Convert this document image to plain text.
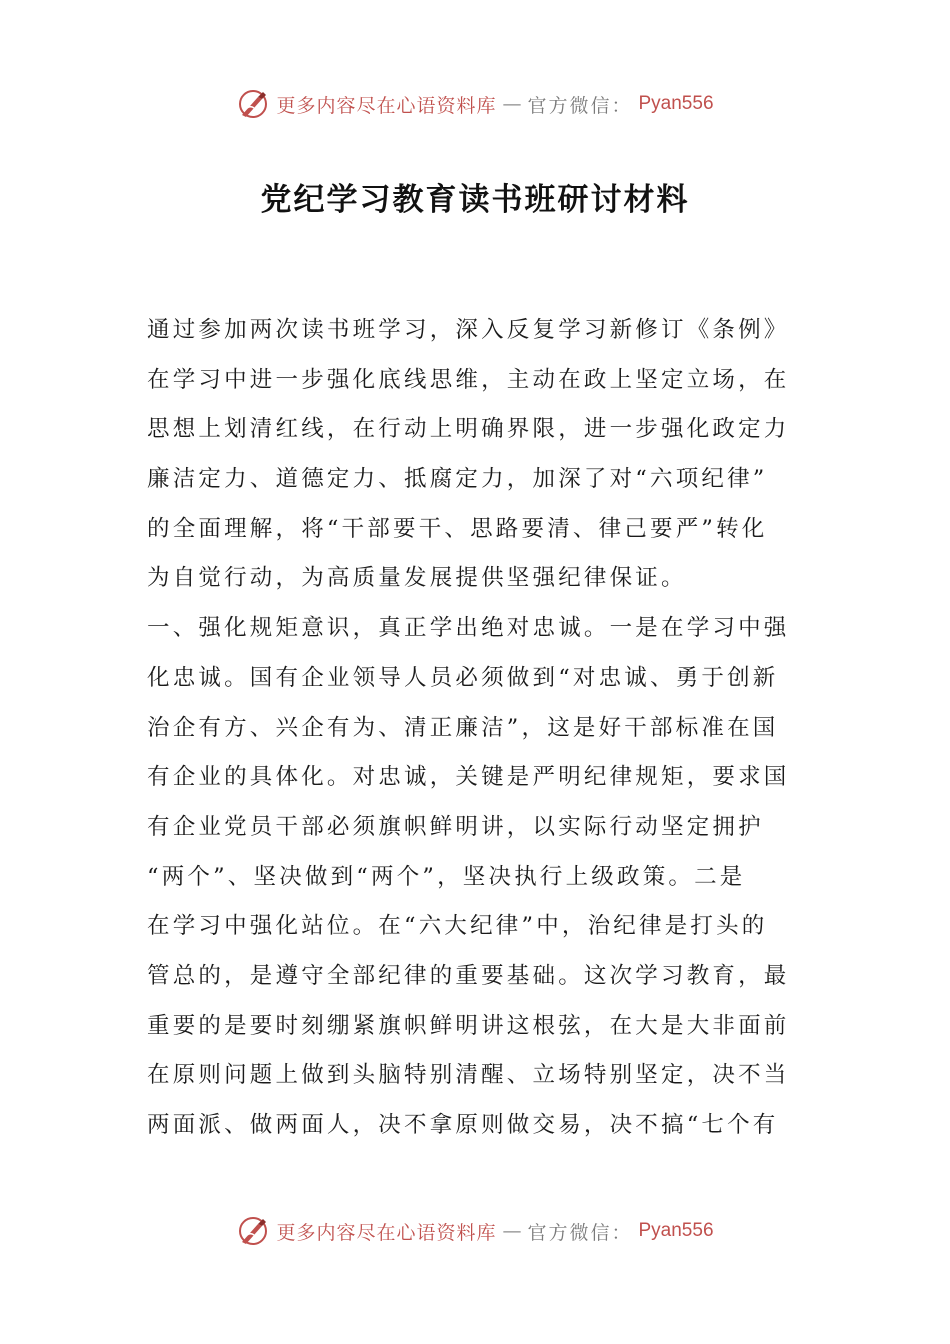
更多内容尽在心语资料库 — 官方微信： Pyan556
党纪学习教育读书班研讨材料
通过参加两次读书班学习，深入反复学习新修订《条例》
在学习中进一步强化底线思维，主动在政上坚定立场，在
思想上划清红线，在行动上明确界限，进一步强化政定力
廉洁定力、道德定力、抵腐定力，加深了对“六项纪律”
的全面理解，将“干部要干、思路要清、律己要严”转化
为自觉行动，为高质量发展提供坚强纪律保证。
一、强化规矩意识，真正学出绝对忠诚。一是在学习中强
化忠诚。国有企业领导人员必须做到“对忠诚、勇于创新
治企有方、兴企有为、清正廉洁”，这是好干部标准在国
有企业的具体化。对忠诚，关键是严明纪律规矩，要求国
有企业党员干部必须旗帜鲜明讲，以实际行动坚定拥护
“两个”、坚决做到“两个”，坚决执行上级政策。二是
在学习中强化站位。在“六大纪律”中，治纪律是打头的
管总的，是遵守全部纪律的重要基础。这次学习教育，最
重要的是要时刻绷紧旗帜鲜明讲这根弦，在大是大非面前
在原则问题上做到头脑特别清醒、立场特别坚定，决不当
两面派、做两面人，决不拿原则做交易，决不搞“七个有
更多内容尽在心语资料库 — 官方微信： Pyan556
